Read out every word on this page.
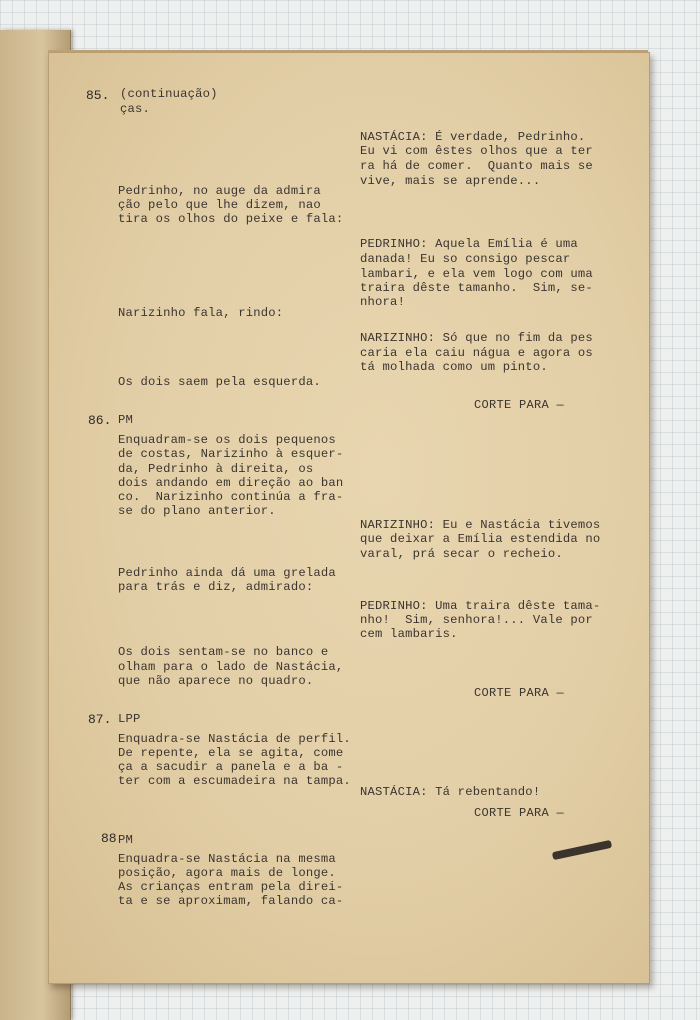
85. (continuação)
ças.
NASTÁCIA: É verdade, Pedrinho.
Eu vi com êstes olhos que a ter
ra há de comer.  Quanto mais se
vive, mais se aprende...
Pedrinho, no auge da admira
ção pelo que lhe dizem, nao
tira os olhos do peixe e fala:
PEDRINHO: Aquela Emília é uma
danada! Eu so consigo pescar
lambari, e ela vem logo com uma
traira dêste tamanho.  Sim, se-
nhora!
Narizinho fala, rindo:
NARIZINHO: Só que no fim da pes
caria ela caiu nágua e agora os
tá molhada como um pinto.
Os dois saem pela esquerda.
CORTE PARA —
86. PM
Enquadram-se os dois pequenos
de costas, Narizinho à esquer-
da, Pedrinho à direita, os
dois andando em direção ao ban
co.  Narizinho continúa a fra-
se do plano anterior.
NARIZINHO: Eu e Nastácia tivemos
que deixar a Emília estendida no
varal, prá secar o recheio.
Pedrinho ainda dá uma grelada
para trás e diz, admirado:
PEDRINHO: Uma traira dêste tama-
nho!  Sim, senhora!... Vale por
cem lambaris.
Os dois sentam-se no banco e
olham para o lado de Nastácia,
que não aparece no quadro.
CORTE PARA —
87. LPP
Enquadra-se Nastácia de perfil.
De repente, ela se agita, come
ça a sacudir a panela e a ba -
ter com a escumadeira na tampa.
NASTÁCIA: Tá rebentando!
CORTE PARA —
88 PM
Enquadra-se Nastácia na mesma
posição, agora mais de longe.
As crianças entram pela direi-
ta e se aproximam, falando ca-
